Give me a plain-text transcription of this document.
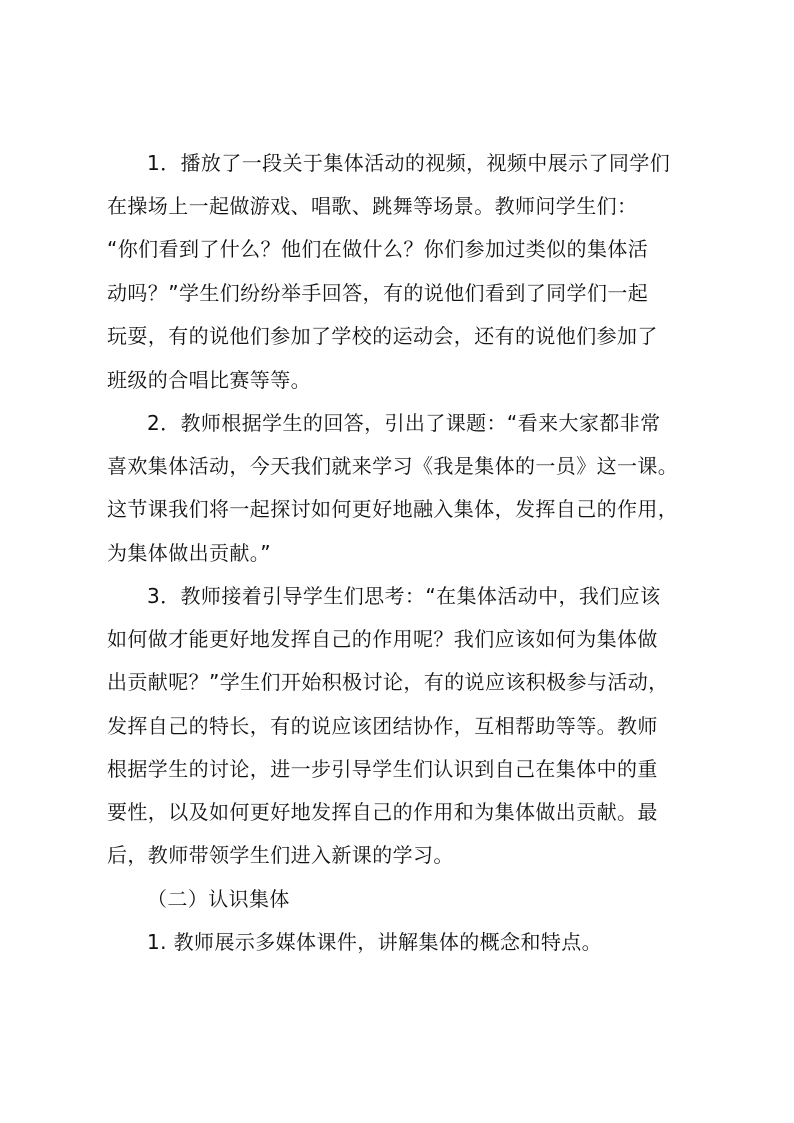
1．播放了一段关于集体活动的视频，视频中展示了同学们
在操场上一起做游戏、唱歌、跳舞等场景。教师问学生们：
“你们看到了什么？他们在做什么？你们参加过类似的集体活
动吗？”学生们纷纷举手回答，有的说他们看到了同学们一起
玩耍，有的说他们参加了学校的运动会，还有的说他们参加了
班级的合唱比赛等等。
2．教师根据学生的回答，引出了课题：“看来大家都非常
喜欢集体活动，今天我们就来学习《我是集体的一员》这一课。
这节课我们将一起探讨如何更好地融入集体，发挥自己的作用，
为集体做出贡献。”
3．教师接着引导学生们思考：“在集体活动中，我们应该
如何做才能更好地发挥自己的作用呢？我们应该如何为集体做
出贡献呢？”学生们开始积极讨论，有的说应该积极参与活动，
发挥自己的特长，有的说应该团结协作，互相帮助等等。教师
根据学生的讨论，进一步引导学生们认识到自己在集体中的重
要性，以及如何更好地发挥自己的作用和为集体做出贡献。最
后，教师带领学生们进入新课的学习。
（二）认识集体
1. 教师展示多媒体课件，讲解集体的概念和特点。
